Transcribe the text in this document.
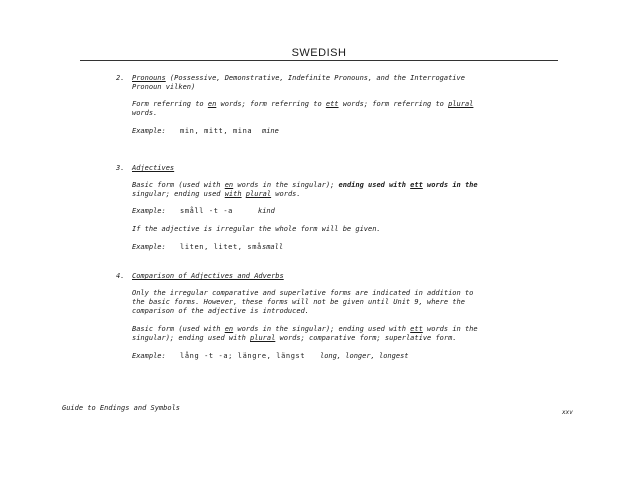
SWEDISH
2. Pronouns (Possessive, Demonstrative, Indefinite Pronouns, and the Interrogative
Pronoun vilken)
Form referring to en words; form referring to ett words; form referring to plural
words.
Example: min, mitt, mina mine
3. Adjectives
Basic form (used with en words in the singular); ending used with ett words in the
singular; ending used with plural words.
Example: små̈ll -t -a	kind
If the adjective is irregular the whole form will be given.
Example: liten, litet, små small
4. Comparison of Adjectives and Adverbs
Only the irregular comparative and superlative forms are indicated in addition to
the basic forms. However, these forms will not be given until Unit 9, where the
comparison of the adjective is introduced.
Basic form (used with en words in the singular); ending used with ett words in the
singular); ending used with plural words; comparative form; superlative form.
Example: lång -t -a; längre, längst long, longer, longest
Guide to Endings and Symbols
xxv
